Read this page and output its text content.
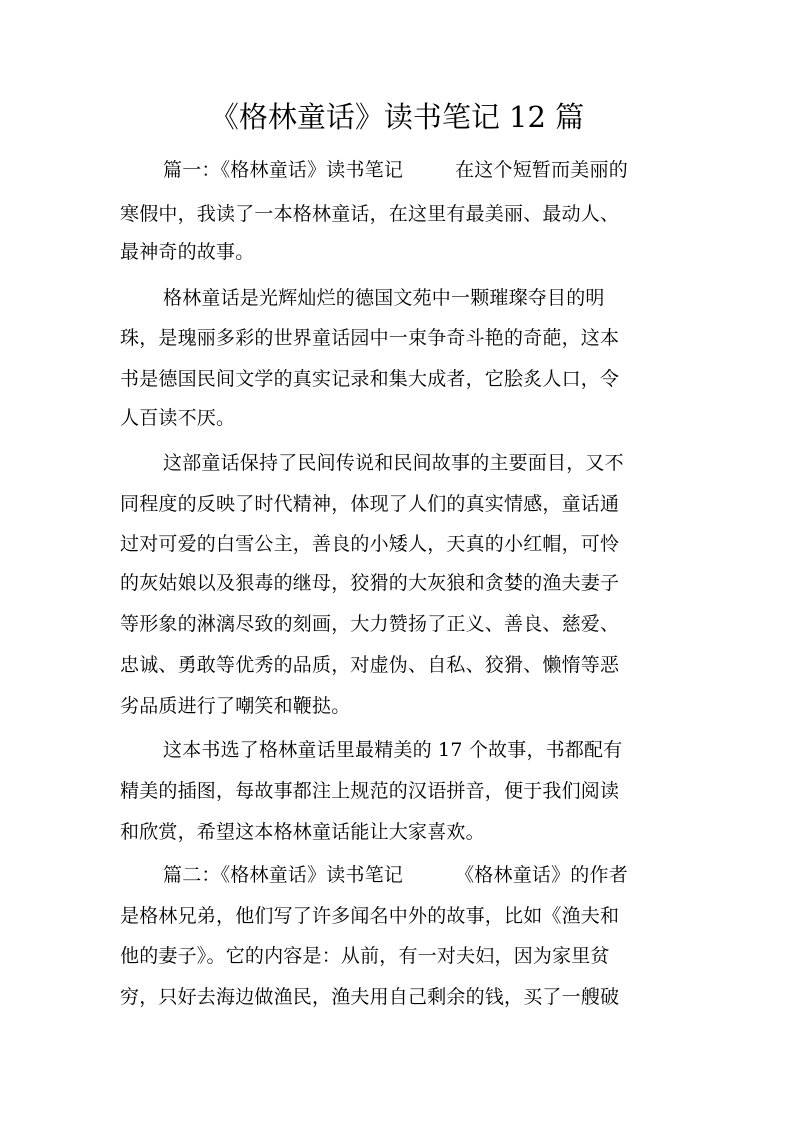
《格林童话》读书笔记 12 篇
篇一：《格林童话》读书笔记	在这个短暂而美丽的
寒假中，我读了一本格林童话，在这里有最美丽、最动人、
最神奇的故事。
格林童话是光辉灿烂的德国文苑中一颗璀璨夺目的明
珠，是瑰丽多彩的世界童话园中一束争奇斗艳的奇葩，这本
书是德国民间文学的真实记录和集大成者，它脍炙人口，令
人百读不厌。
这部童话保持了民间传说和民间故事的主要面目，又不
同程度的反映了时代精神，体现了人们的真实情感，童话通
过对可爱的白雪公主，善良的小矮人，天真的小红帽，可怜
的灰姑娘以及狠毒的继母，狡猾的大灰狼和贪婪的渔夫妻子
等形象的淋漓尽致的刻画，大力赞扬了正义、善良、慈爱、
忠诚、勇敢等优秀的品质，对虚伪、自私、狡猾、懒惰等恶
劣品质进行了嘲笑和鞭挞。
这本书选了格林童话里最精美的 17 个故事，书都配有
精美的插图，每故事都注上规范的汉语拼音，便于我们阅读
和欣赏，希望这本格林童话能让大家喜欢。
篇二：《格林童话》读书笔记	《格林童话》的作者
是格林兄弟，他们写了许多闻名中外的故事，比如《渔夫和
他的妻子》。它的内容是：从前，有一对夫妇，因为家里贫
穷，只好去海边做渔民，渔夫用自己剩余的钱，买了一艘破
